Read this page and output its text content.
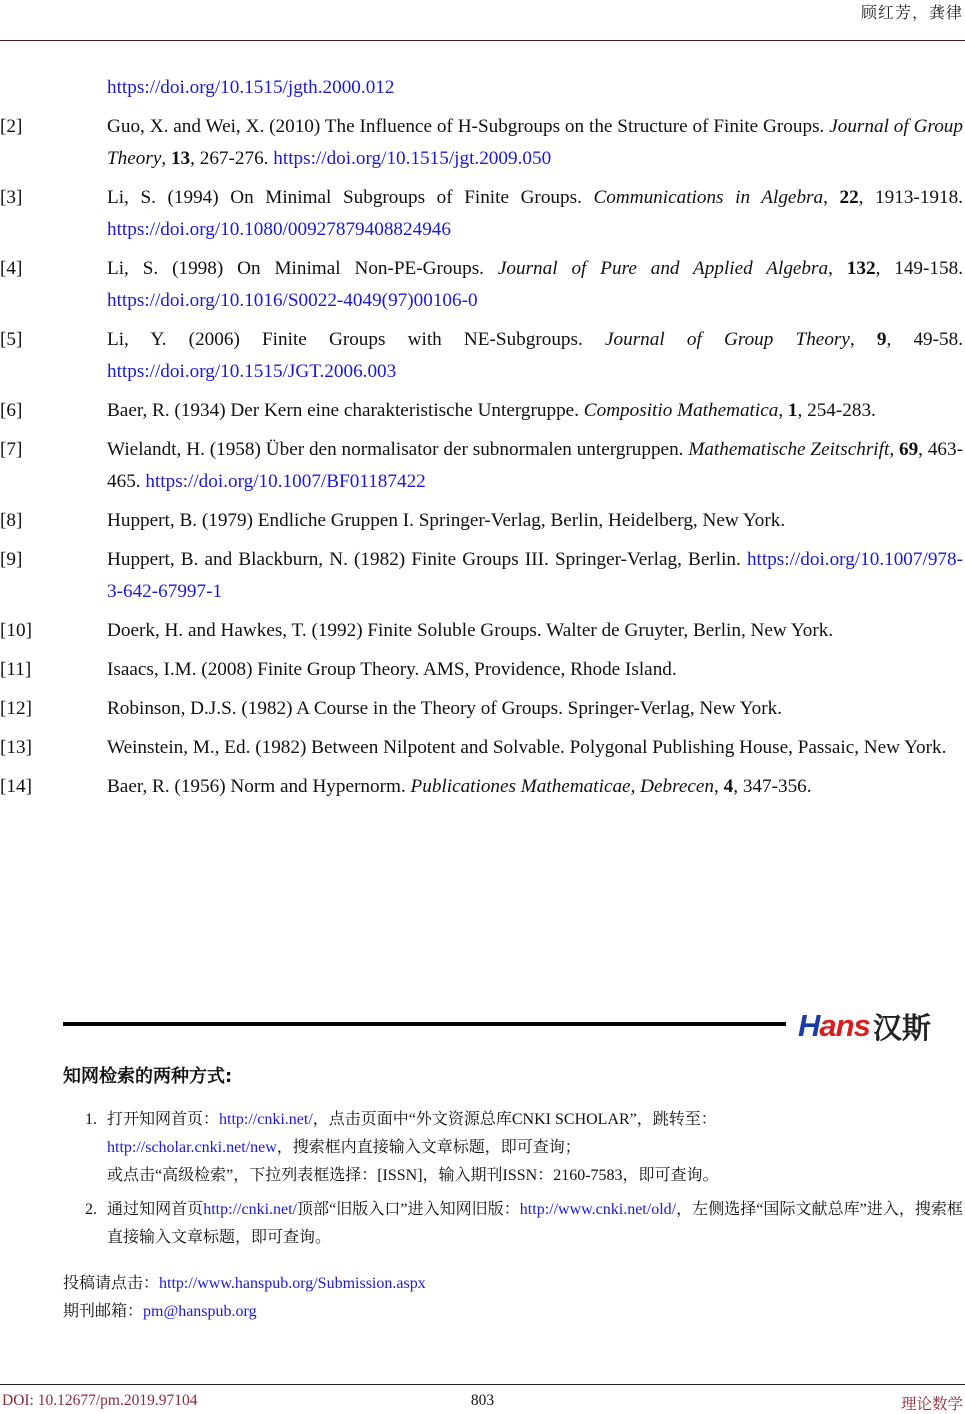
顾红芳，龚律
https://doi.org/10.1515/jgth.2000.012
[2]	Guo, X. and Wei, X. (2010) The Influence of H-Subgroups on the Structure of Finite Groups. Journal of Group Theory, 13, 267-276. https://doi.org/10.1515/jgt.2009.050
[3]	Li, S. (1994) On Minimal Subgroups of Finite Groups. Communications in Algebra, 22, 1913-1918. https://doi.org/10.1080/00927879408824946
[4]	Li, S. (1998) On Minimal Non-PE-Groups. Journal of Pure and Applied Algebra, 132, 149-158. https://doi.org/10.1016/S0022-4049(97)00106-0
[5]	Li, Y. (2006) Finite Groups with NE-Subgroups. Journal of Group Theory, 9, 49-58. https://doi.org/10.1515/JGT.2006.003
[6]	Baer, R. (1934) Der Kern eine charakteristische Untergruppe. Compositio Mathematica, 1, 254-283.
[7]	Wielandt, H. (1958) Über den normalisator der subnormalen untergruppen. Mathematische Zeitschrift, 69, 463-465. https://doi.org/10.1007/BF01187422
[8]	Huppert, B. (1979) Endliche Gruppen I. Springer-Verlag, Berlin, Heidelberg, New York.
[9]	Huppert, B. and Blackburn, N. (1982) Finite Groups III. Springer-Verlag, Berlin. https://doi.org/10.1007/978-3-642-67997-1
[10]	Doerk, H. and Hawkes, T. (1992) Finite Soluble Groups. Walter de Gruyter, Berlin, New York.
[11]	Isaacs, I.M. (2008) Finite Group Theory. AMS, Providence, Rhode Island.
[12]	Robinson, D.J.S. (1982) A Course in the Theory of Groups. Springer-Verlag, New York.
[13]	Weinstein, M., Ed. (1982) Between Nilpotent and Solvable. Polygonal Publishing House, Passaic, New York.
[14]	Baer, R. (1956) Norm and Hypernorm. Publicationes Mathematicae, Debrecen, 4, 347-356.
Hans 汉斯
知网检索的两种方式:
1. 打开知网首页：http://cnki.net/，点击页面中“外文资源总库CNKI SCHOLAR”，跳转至：
http://scholar.cnki.net/new，搜索框内直接输入文章标题，即可查询；
或点击“高级检索”，下拉列表框选择：[ISSN]，输入期刊ISSN：2160-7583，即可查询。
2. 通过知网首页http://cnki.net/顶部“旧版入口”进入知网旧版：http://www.cnki.net/old/，左侧选择“国际文献总库”进入，搜索框直接输入文章标题，即可查询。
投稿请点击：http://www.hanspub.org/Submission.aspx
期刊邮箱：pm@hanspub.org
DOI: 10.12677/pm.2019.97104	803	理论数学
